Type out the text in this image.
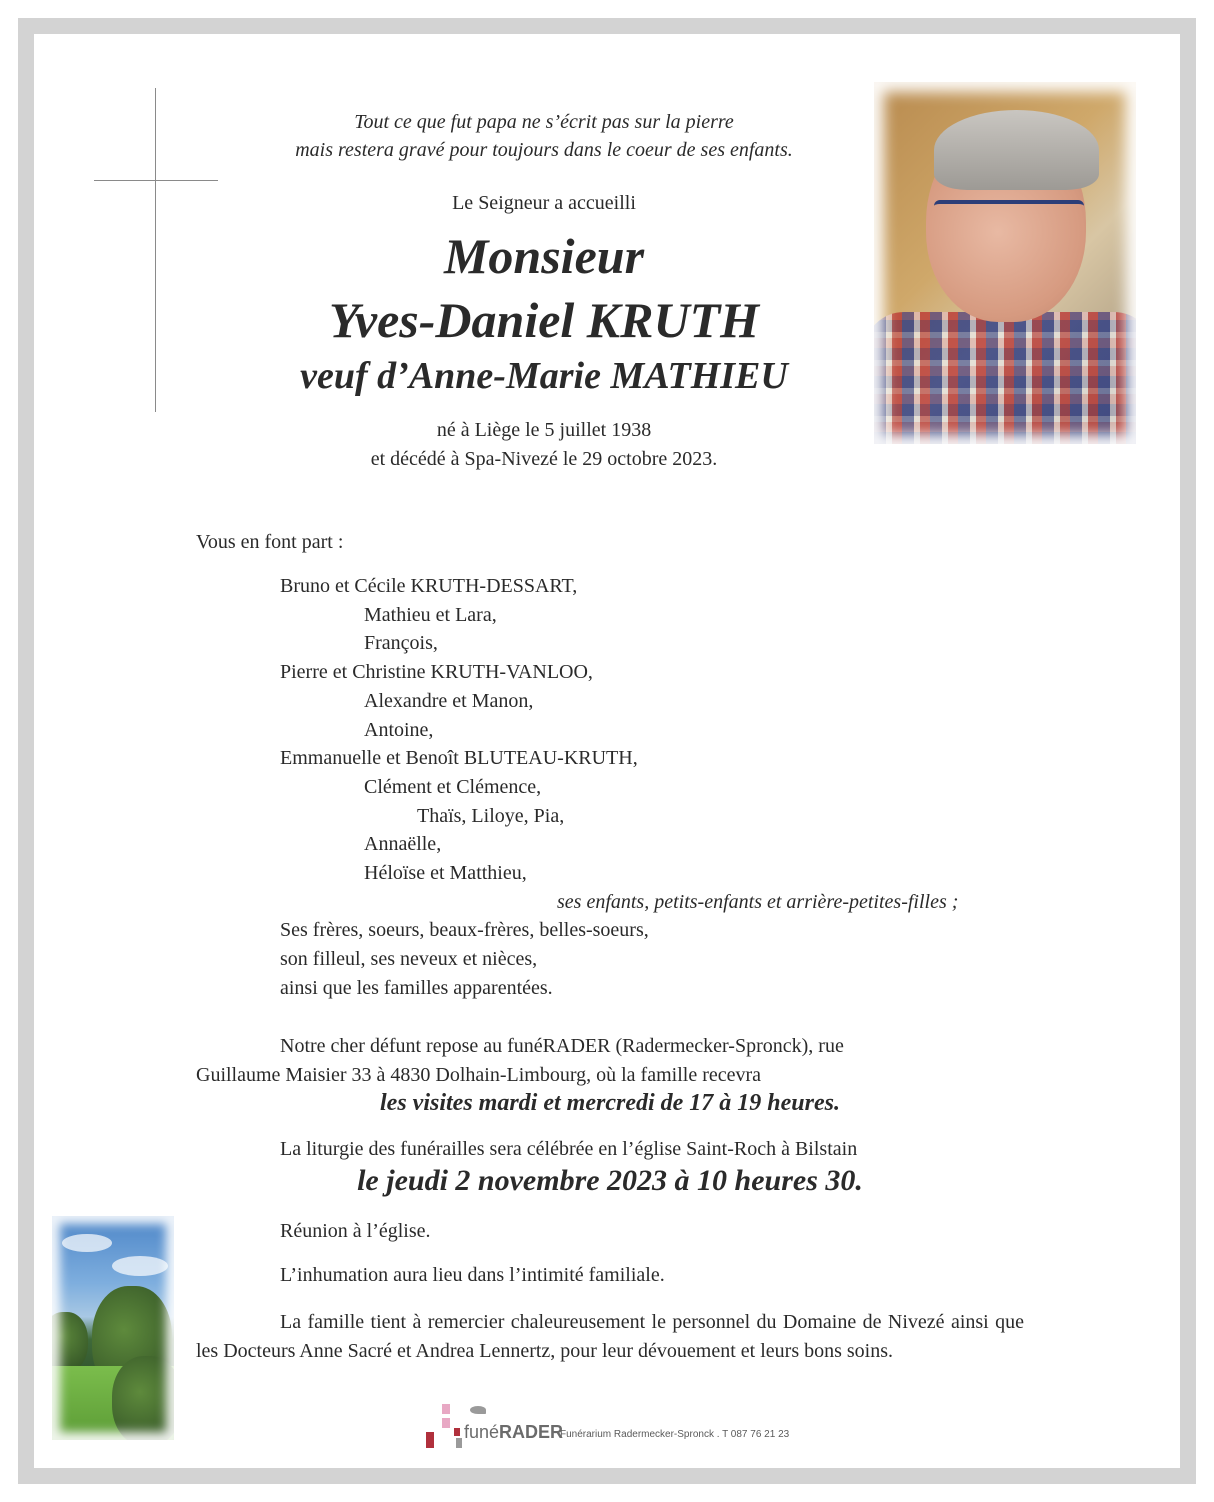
Tout ce que fut papa ne s’écrit pas sur la pierre
mais restera gravé pour toujours dans le coeur de ses enfants.
Le Seigneur a accueilli
Monsieur
Yves-Daniel KRUTH
veuf d’Anne-Marie MATHIEU
né à Liège le 5 juillet 1938
et décédé à Spa-Nivezé le 29 octobre 2023.
Vous en font part :
Bruno et Cécile KRUTH-DESSART,
Mathieu et Lara,
François,
Pierre et Christine KRUTH-VANLOO,
Alexandre et Manon,
Antoine,
Emmanuelle et Benoît BLUTEAU-KRUTH,
Clément et Clémence,
Thaïs, Liloye, Pia,
Annaëlle,
Héloïse et Matthieu,
ses enfants, petits-enfants et arrière-petites-filles ;
Ses frères, soeurs, beaux-frères, belles-soeurs,
son filleul, ses neveux et nièces,
ainsi que les familles apparentées.
Notre cher défunt repose au funéRADER (Radermecker-Spronck), rue
Guillaume Maisier 33 à 4830 Dolhain-Limbourg, où la famille recevra
les visites mardi et mercredi de 17 à 19 heures.
La liturgie des funérailles sera célébrée en l’église Saint-Roch à Bilstain
le jeudi 2 novembre 2023 à 10 heures 30.
Réunion à l’église.
L’inhumation aura lieu dans l’intimité familiale.
La famille tient à remercier chaleureusement le personnel du Domaine de Nivezé ainsi que les Docteurs Anne Sacré et Andrea Lennertz, pour leur dévouement et leurs bons soins.
funéRADER
Funérarium Radermecker-Spronck . T 087 76 21 23
